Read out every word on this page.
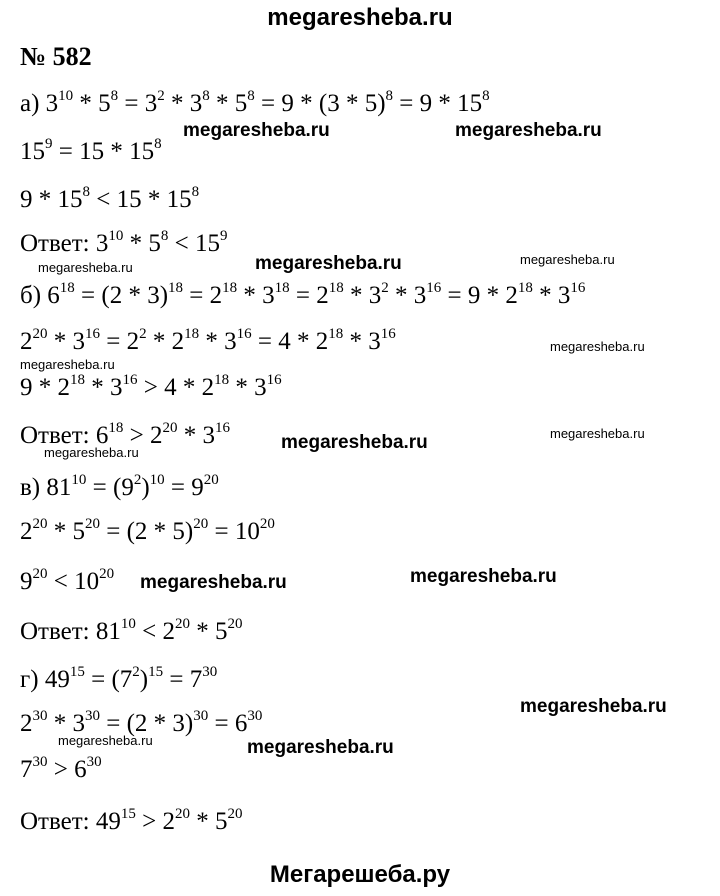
megaresheba.ru
№ 582
а) $3^{10} * 5^8 = 3^2 * 3^8 * 5^8 = 9 * (3 * 5)^8 = 9 * 15^8$
$15^9 = 15 * 15^8$
$9 * 15^8 < 15 * 15^8$
Ответ: $3^{10} * 5^8 < 15^9$
б) $6^{18} = (2 * 3)^{18} = 2^{18} * 3^{18} = 2^{18} * 3^2 * 3^{16} = 9 * 2^{18} * 3^{16}$
$2^{20} * 3^{16} = 2^2 * 2^{18} * 3^{16} = 4 * 2^{18} * 3^{16}$
$9 * 2^{18} * 3^{16} > 4 * 2^{18} * 3^{16}$
Ответ: $6^{18} > 2^{20} * 3^{16}$
в) $81^{10} = (9^2)^{10} = 9^{20}$
$2^{20} * 5^{20} = (2 * 5)^{20} = 10^{20}$
$9^{20} < 10^{20}$
Ответ: $81^{10} < 2^{20} * 5^{20}$
г) $49^{15} = (7^2)^{15} = 7^{30}$
$2^{30} * 3^{30} = (2 * 3)^{30} = 6^{30}$
$7^{30} > 6^{30}$
Ответ: $49^{15} > 2^{20} * 5^{20}$
megaresheba.ru	megaresheba.ru
megaresheba.ru	megaresheba.ru	megaresheba.ru
megaresheba.ru
megaresheba.ru
megaresheba.ru	megaresheba.ru
megaresheba.ru
megaresheba.ru	megaresheba.ru
megaresheba.ru
megaresheba.ru	megaresheba.ru
Мегарешеба.ру
